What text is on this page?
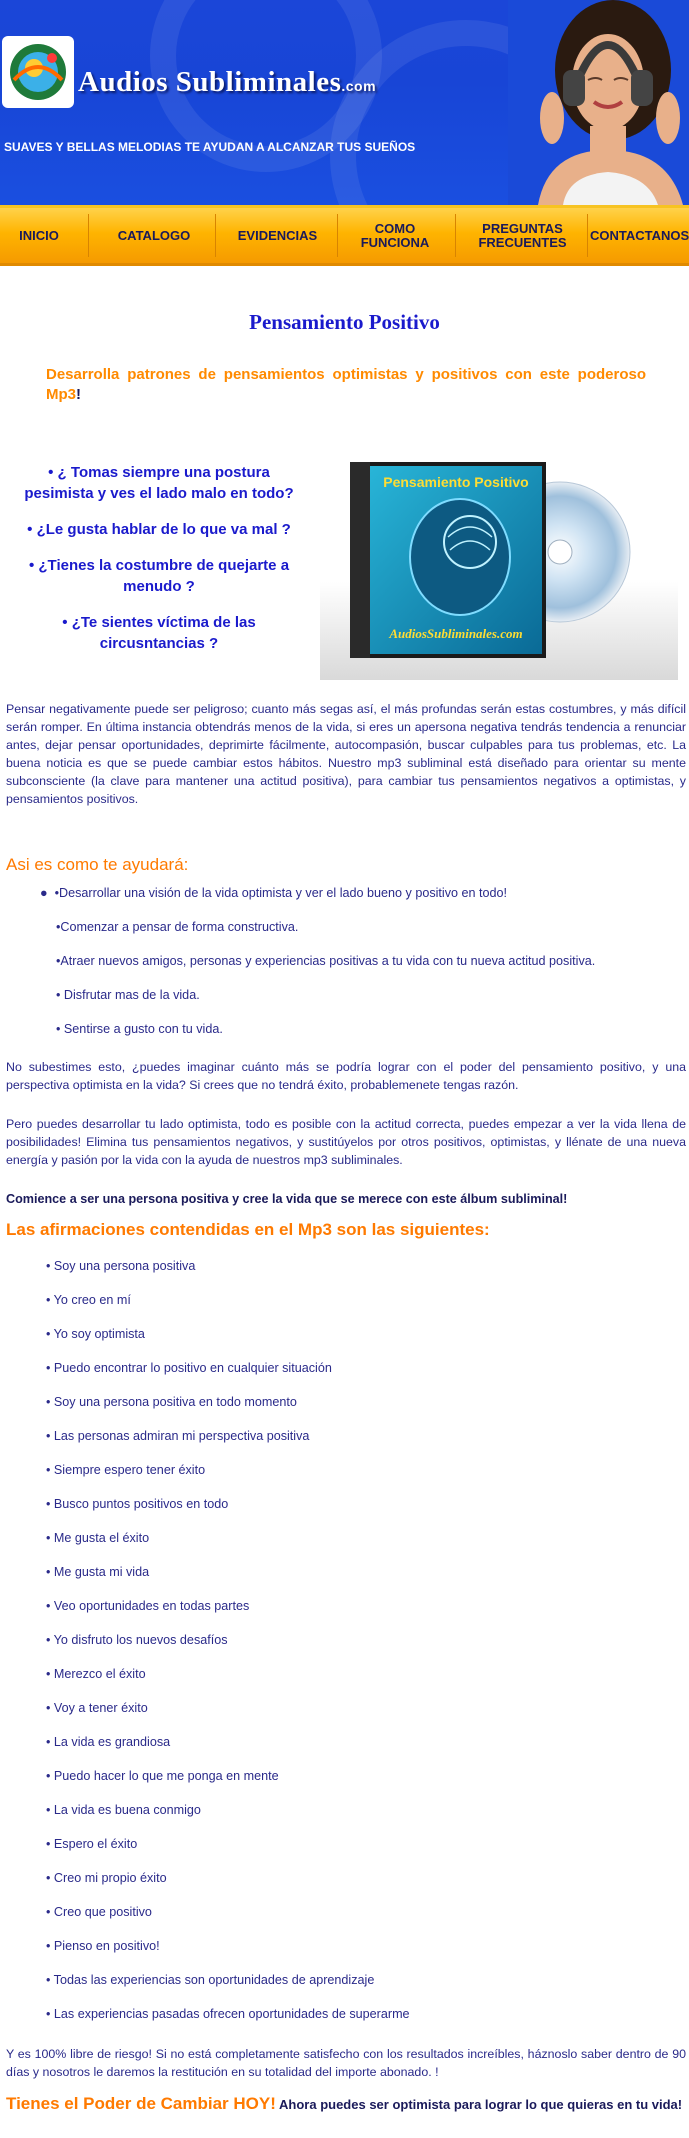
Audios Subliminales.com
SUAVES Y BELLAS MELODIAS TE AYUDAN A ALCANZAR TUS SUEÑOS
INICIO	CATALOGO	EVIDENCIAS	COMO
FUNCIONA
PREGUNTAS
FRECUENTES	CONTACTANOS
Pensamiento Positivo
Desarrolla patrones de pensamientos optimistas y positivos con este poderoso Mp3!
• ¿ Tomas siempre una postura pesimista y ves el lado malo en todo?
• ¿Le gusta hablar de lo que va mal ?
• ¿Tienes la costumbre de quejarte a menudo ?
• ¿Te sientes víctima de las circusntancias ?
Pensamiento Positivo
AudiosSubliminales.com
Pensar negativamente puede ser peligroso; cuanto más segas así, el más profundas serán estas costumbres, y más difícil serán romper. En última instancia obtendrás menos de la vida, si eres un apersona negativa tendrás tendencia a renunciar antes, dejar pensar oportunidades, deprimirte fácilmente, autocompasión, buscar culpables para tus problemas, etc. La buena noticia es que se puede cambiar estos hábitos. Nuestro mp3 subliminal está diseñado para orientar su mente subconsciente (la clave para mantener una actitud positiva), para cambiar tus pensamientos negativos a optimistas, y pensamientos positivos.
Asi es como te ayudará:
● •Desarrollar una visión de la vida optimista y ver el lado bueno y positivo en todo!
•Comenzar a pensar de forma constructiva.
•Atraer nuevos amigos, personas y experiencias positivas a tu vida con tu nueva actitud positiva.
• Disfrutar mas de la vida.
• Sentirse a gusto con tu vida.
No subestimes esto, ¿puedes imaginar cuánto más se podría lograr con el poder del pensamiento positivo, y una perspectiva optimista en la vida? Si crees que no tendrá éxito, probablemenete tengas razón.
Pero puedes desarrollar tu lado optimista, todo es posible con la actitud correcta, puedes empezar a ver la vida llena de posibilidades! Elimina tus pensamientos negativos, y sustitúyelos por otros positivos, optimistas, y llénate de una nueva energía y pasión por la vida con la ayuda de nuestros mp3 subliminales.
Comience a ser una persona positiva y cree la vida que se merece con este álbum subliminal!
Las afirmaciones contendidas en el Mp3 son las siguientes:
• Soy una persona positiva
• Yo creo en mí
• Yo soy optimista
• Puedo encontrar lo positivo en cualquier situación
• Soy una persona positiva en todo momento
• Las personas admiran mi perspectiva positiva
• Siempre espero tener éxito
• Busco puntos positivos en todo
• Me gusta el éxito
• Me gusta mi vida
• Veo oportunidades en todas partes
• Yo disfruto los nuevos desafíos
• Merezco el éxito
• Voy a tener éxito
• La vida es grandiosa
• Puedo hacer lo que me ponga en mente
• La vida es buena conmigo
• Espero el éxito
• Creo mi propio éxito
• Creo que positivo
• Pienso en positivo!
• Todas las experiencias son oportunidades de aprendizaje
• Las experiencias pasadas ofrecen oportunidades de superarme
Y es 100% libre de riesgo! Si no está completamente satisfecho con los resultados increíbles, háznoslo saber dentro de 90 días y nosotros le daremos la restitución en su totalidad del importe abonado. !
Tienes el Poder de Cambiar HOY! Ahora puedes ser optimista para lograr lo que quieras en tu vida!
